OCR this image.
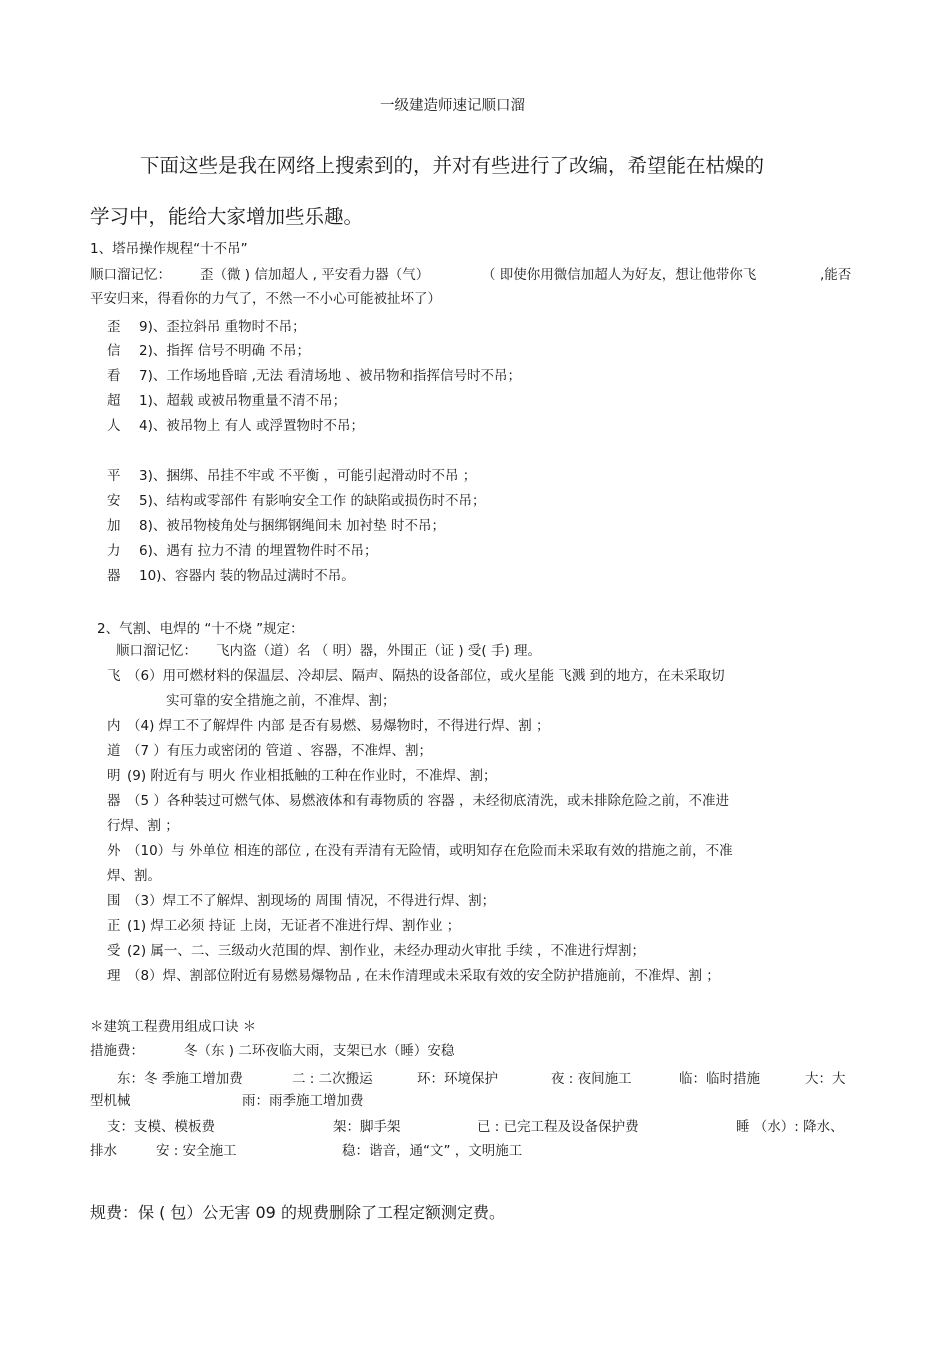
一级建造师速记顺口溜
下面这些是我在网络上搜索到的，并对有些进行了改编，希望能在枯燥的
学习中，能给大家增加些乐趣。
1、塔吊操作规程“十不吊”
顺口溜记忆： 歪（微 ) 信加超人 , 平安看力器（气）	（ 即使你用微信加超人为好友，想让他带你飞	,能否
平安归来，得看你的力气了，不然一不小心可能被扯坏了）
歪 9)、歪拉斜吊 重物时不吊；
信 2)、指挥 信号不明确 不吊；
看 7)、工作场地昏暗 ,无法 看清场地 、被吊物和指挥信号时不吊；
超 1)、超载 或被吊物重量不清不吊；
人 4)、被吊物上 有人 或浮置物时不吊；
平 3)、捆绑、吊挂不牢或 不平衡 ，可能引起滑动时不吊 ；
安 5)、结构或零部件 有影响安全工作 的缺陷或损伤时不吊；
加 8)、被吊物棱角处与捆绑钢绳间未 加衬垫 时不吊；
力 6)、遇有 拉力不清 的埋置物件时不吊；
器 10)、容器内 装的物品过满时不吊。
2、气割、电焊的 “十不烧 ”规定：
顺口溜记忆： 飞内盗（道）名 （ 明）器，外围正（证 ) 受( 手) 理。
飞 （6）用可燃材料的保温层、冷却层、隔声、隔热的设备部位，或火星能 飞溅 到的地方，在未采取切
实可靠的安全措施之前，不准焊、割；
内 （4) 焊工不了解焊件 内部 是否有易燃、易爆物时，不得进行焊、割 ；
道 （7 ）有压力或密闭的 管道 、容器，不准焊、割；
明 (9) 附近有与 明火 作业相抵触的工种在作业时，不准焊、割；
器 （5 ）各种装过可燃气体、易燃液体和有毒物质的 容器 ，未经彻底清洗，或未排除危险之前，不准进
行焊、割 ；
外 （10）与 外单位 相连的部位 , 在没有弄清有无险情，或明知存在危险而未采取有效的措施之前，不准
焊、割。
围 （3）焊工不了解焊、割现场的 周围 情况，不得进行焊、割；
正 (1) 焊工必须 持证 上岗，无证者不准进行焊、割作业 ；
受 (2) 属一、二、三级动火范围的焊、割作业，未经办理动火审批 手续 ，不准进行焊割；
理 （8）焊、割部位附近有易燃易爆物品 , 在未作清理或未采取有效的安全防护措施前，不准焊、割 ；
＊建筑工程费用组成口诀 ＊
措施费：	冬（东 ) 二环夜临大雨，支架已水（睡）安稳
东：冬 季施工增加费	二 : 二次搬运	环：环境保护	夜 : 夜间施工	临：临时措施	大：大
型机械	雨：雨季施工增加费
支：支模、模板费	架：脚手架	已 : 已完工程及设备保护费	睡 （水）: 降水、
排水	安 : 安全施工	稳：谐音，通“文” ，文明施工
规费：保 ( 包）公无害 09 的规费删除了工程定额测定费。
